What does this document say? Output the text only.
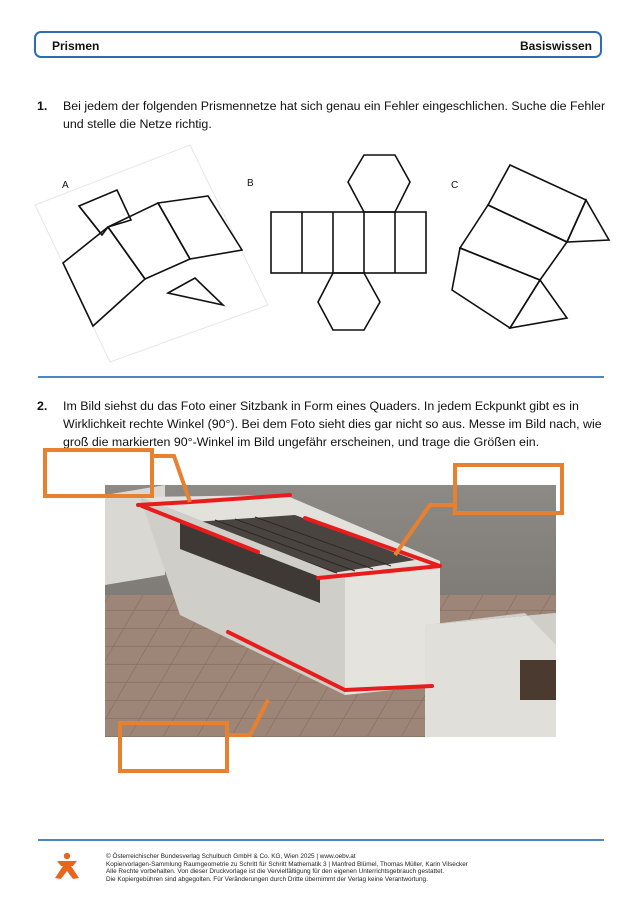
Prismen	Basiswissen
1. Bei jedem der folgenden Prismennetze hat sich genau ein Fehler eingeschlichen. Suche die Fehler und stelle die Netze richtig.
A	B	C
2. Im Bild siehst du das Foto einer Sitzbank in Form eines Quaders. In jedem Eckpunkt gibt es in Wirklichkeit rechte Winkel (90°). Bei dem Foto sieht dies gar nicht so aus. Messe im Bild nach, wie groß die markierten 90°-Winkel im Bild ungefähr erscheinen, und trage die Größen ein.
© Österreichischer Bundesverlag Schulbuch GmbH & Co. KG, Wien 2025 | www.oebv.at
Kopiervorlagen-Sammlung Raumgeometrie zu Schritt für Schritt Mathematik 3 | Manfred Blümel, Thomas Müller, Karin Vilsecker
Alle Rechte vorbehalten. Von dieser Druckvorlage ist die Vervielfältigung für den eigenen Unterrichtsgebrauch gestattet.
Die Kopiergebühren sind abgegolten. Für Veränderungen durch Dritte übernimmt der Verlag keine Verantwortung.
